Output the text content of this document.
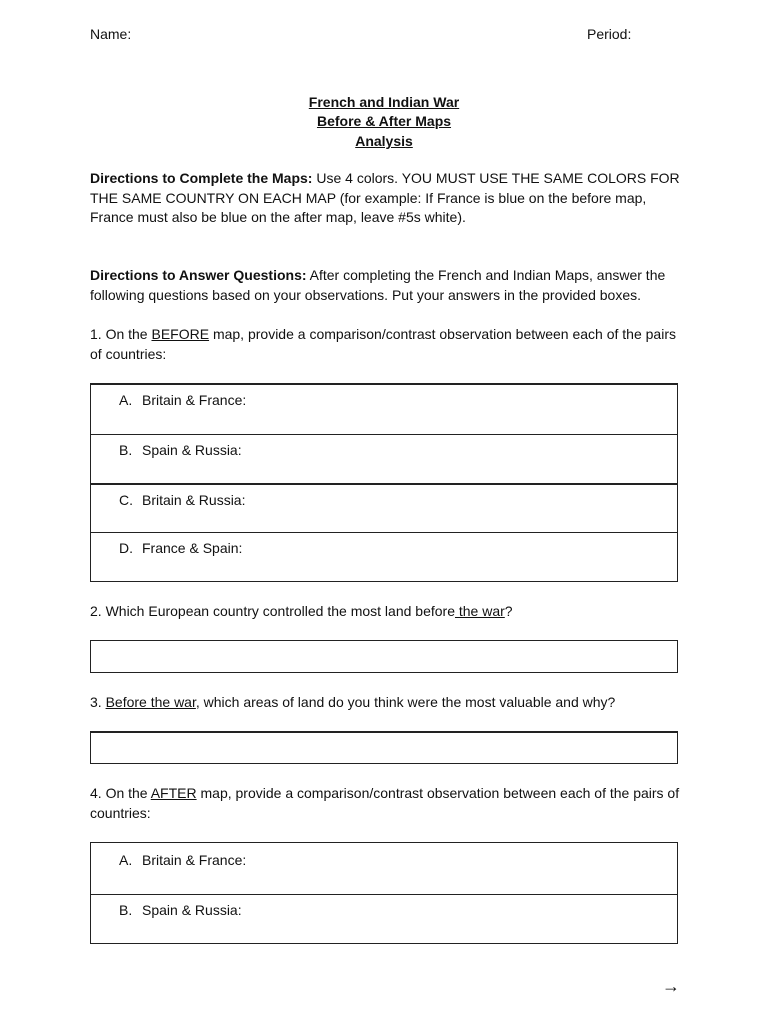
Name:	Period:
French and Indian War
Before & After Maps
Analysis
Directions to Complete the Maps: Use 4 colors. YOU MUST USE THE SAME COLORS FOR THE SAME COUNTRY ON EACH MAP (for example: If France is blue on the before map, France must also be blue on the after map, leave #5s white).
Directions to Answer Questions: After completing the French and Indian Maps, answer the following questions based on your observations. Put your answers in the provided boxes.
1. On the BEFORE map, provide a comparison/contrast observation between each of the pairs of countries:
A. Britain & France:
B. Spain & Russia:
C. Britain & Russia:
D. France & Spain:
2. Which European country controlled the most land before the war?
3. Before the war, which areas of land do you think were the most valuable and why?
4. On the AFTER map, provide a comparison/contrast observation between each of the pairs of countries:
A. Britain & France:
B. Spain & Russia:
→
